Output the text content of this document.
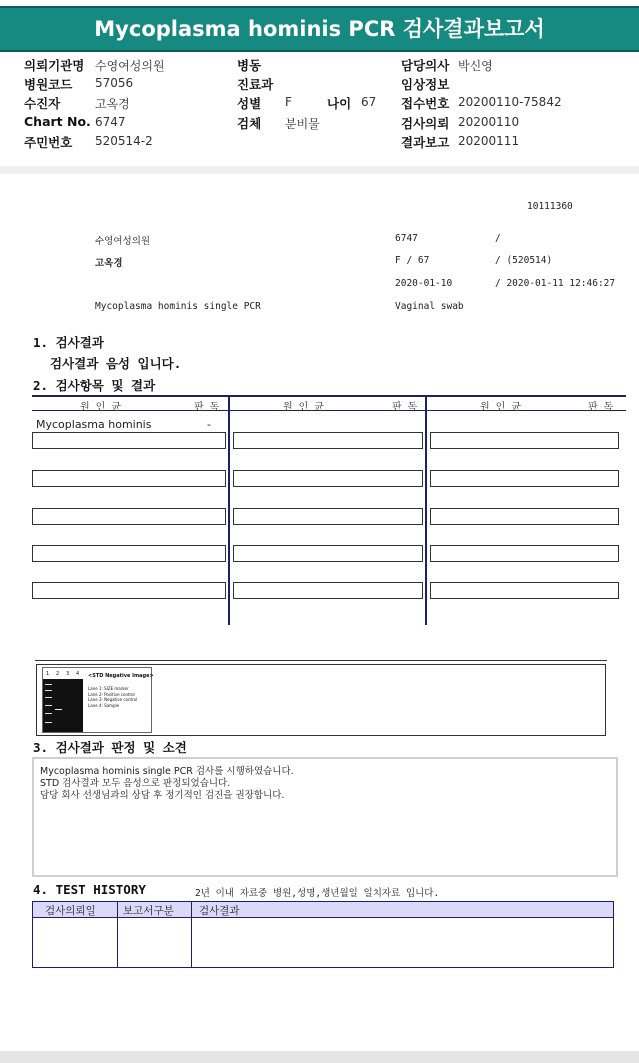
Mycoplasma hominis PCR 검사결과보고서
의뢰기관명 수영여성의원
병원코드 57056
수진자	고옥경
Chart No. 6747
주민번호 520514-2
병동
진료과
성별 F	나이 67
검체 분비물
담당의사 박신영
임상정보
접수번호 20200110-75842
검사의뢰 20200110
결과보고 20200111
10111360
수영여성의원	6747	/
고옥경	F / 67	/ (520514)
2020-01-10	/ 2020-01-11 12:46:27
Mycoplasma hominis single PCR	Vaginal swab
1. 검사결과
검사결과 음성 입니다.
2. 검사항목 및 결과
원 인 균	판 독	원 인 균	판 독	원 인 균	판 독
Mycoplasma hominis	-
1 2 3 4 <STD Negative Image>
Lane 1: SIZE marker
Lane 2: Positive control
Lane 3: Negative control
Lane 4: Sample
3. 검사결과 판정 및 소견
Mycoplasma hominis single PCR 검사를 시행하였습니다.
STD 검사결과 모두 음성으로 판정되었습니다.
담당 회사 선생님과의 상담 후 정기적인 검진을 권장합니다.
4. TEST HISTORY	2년 이내 자료중 병원,성명,생년월일 일치자료 입니다.
검사의뢰일	보고서구분 검사결과
